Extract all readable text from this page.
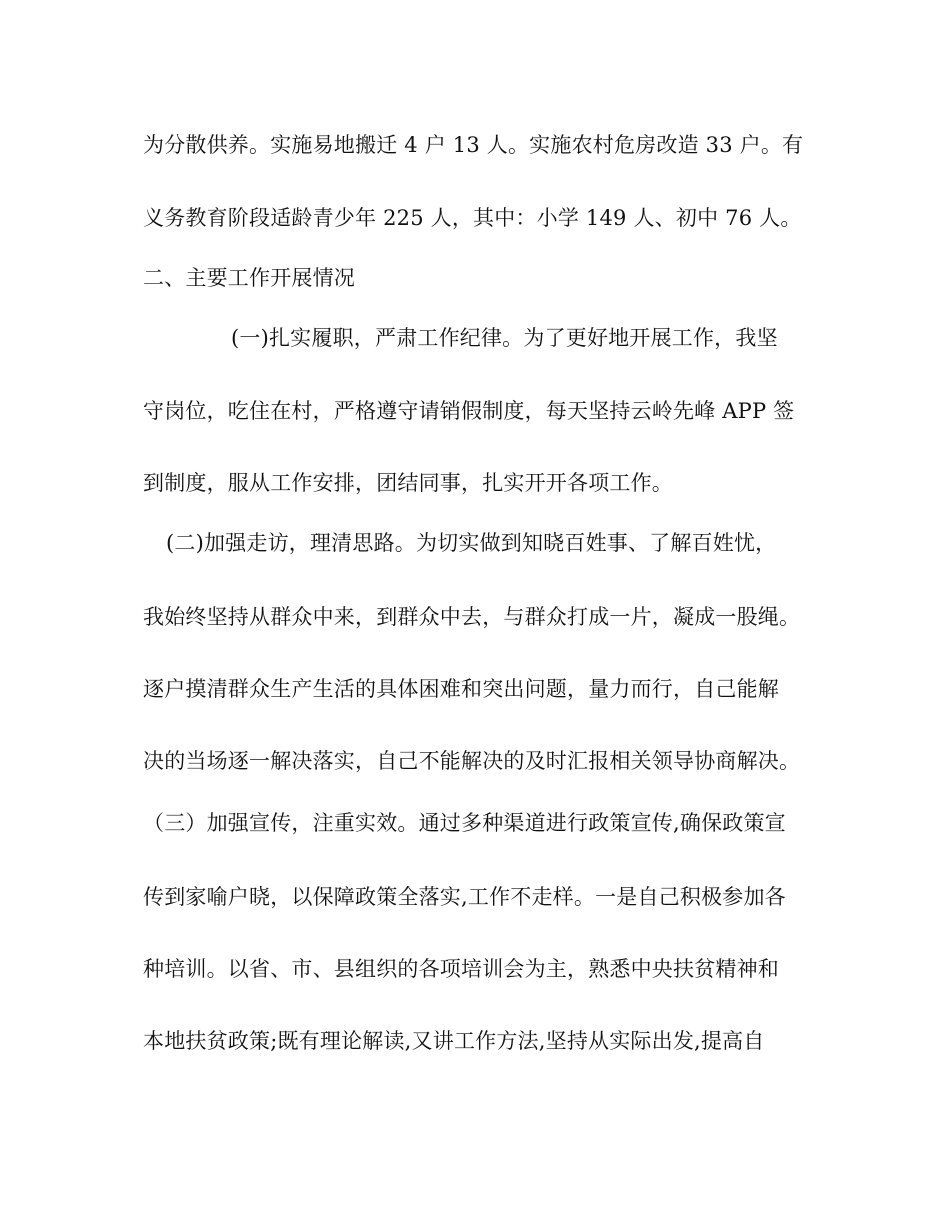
为分散供养。实施易地搬迁 4 户 13 人。实施农村危房改造 33 户。有
义务教育阶段适龄青少年 225 人，其中：小学 149 人、初中 76 人。
二、主要工作开展情况
(一)扎实履职，严肃工作纪律。为了更好地开展工作，我坚
守岗位，吃住在村，严格遵守请销假制度，每天坚持云岭先峰 APP 签
到制度，服从工作安排，团结同事，扎实开开各项工作。
(二)加强走访，理清思路。为切实做到知晓百姓事、了解百姓忧，
我始终坚持从群众中来，到群众中去，与群众打成一片，凝成一股绳。
逐户摸清群众生产生活的具体困难和突出问题，量力而行，自己能解
决的当场逐一解决落实，自己不能解决的及时汇报相关领导协商解决。
（三）加强宣传，注重实效。通过多种渠道进行政策宣传,确保政策宣
传到家喻户晓，以保障政策全落实,工作不走样。一是自己积极参加各
种培训。以省、市、县组织的各项培训会为主，熟悉中央扶贫精神和
本地扶贫政策;既有理论解读,又讲工作方法,坚持从实际出发,提高自
